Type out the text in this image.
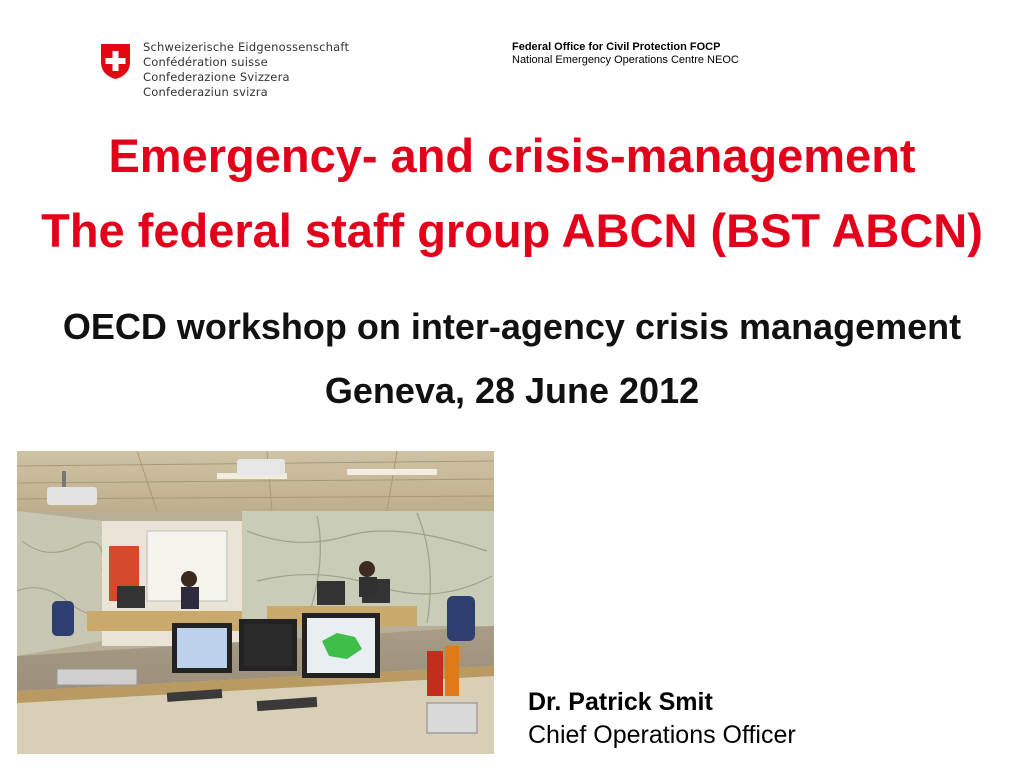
Schweizerische Eidgenossenschaft
Confédération suisse
Confederazione Svizzera
Confederaziun svizra
Federal Office for Civil Protection FOCP
National Emergency Operations Centre NEOC
Emergency- and crisis-management
The federal staff group ABCN (BST ABCN)
OECD workshop on inter-agency crisis management
Geneva, 28 June 2012
Dr. Patrick Smit
Chief Operations Officer
